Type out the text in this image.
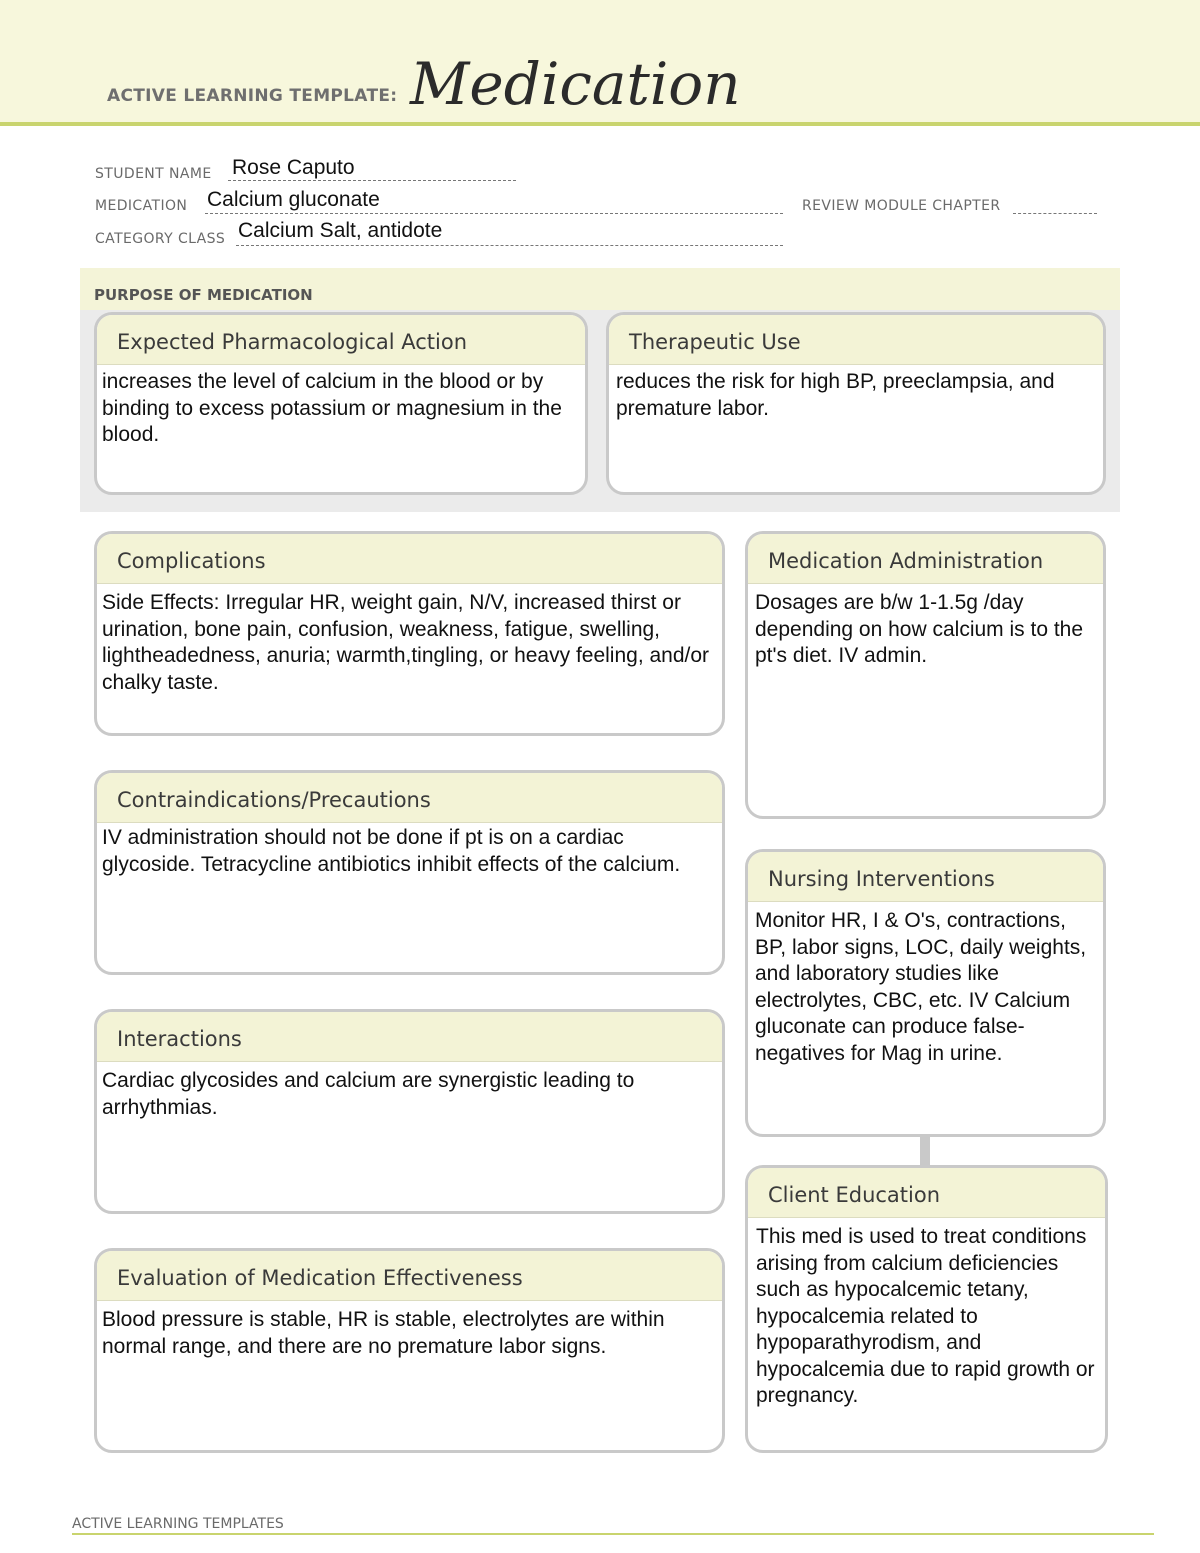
ACTIVE LEARNING TEMPLATE: Medication
STUDENT NAME Rose Caputo
MEDICATION Calcium gluconate	REVIEW MODULE CHAPTER
CATEGORY CLASS Calcium Salt, antidote
PURPOSE OF MEDICATION
Expected Pharmacological Action
increases the level of calcium in the blood or by binding to excess potassium or magnesium in the blood.
Therapeutic Use
reduces the risk for high BP, preeclampsia, and premature labor.
Complications
Side Effects: Irregular HR, weight gain, N/V, increased thirst or urination, bone pain, confusion, weakness, fatigue, swelling, lightheadedness, anuria; warmth,tingling, or heavy feeling, and/or chalky taste.
Contraindications/Precautions
IV administration should not be done if pt is on a cardiac glycoside. Tetracycline antibiotics inhibit effects of the calcium.
Interactions
Cardiac glycosides and calcium are synergistic leading to arrhythmias.
Evaluation of Medication Effectiveness
Blood pressure is stable, HR is stable, electrolytes are within normal range, and there are no premature labor signs.
Medication Administration
Dosages are b/w 1-1.5g /day depending on how calcium is to the pt's diet. IV admin.
Nursing Interventions
Monitor HR, I & O's, contractions, BP, labor signs, LOC, daily weights, and laboratory studies like electrolytes, CBC, etc. IV Calcium gluconate can produce false-negatives for Mag in urine.
Client Education
This med is used to treat conditions arising from calcium deficiencies such as hypocalcemic tetany, hypocalcemia related to hypoparathyrodism, and hypocalcemia due to rapid growth or pregnancy.
ACTIVE LEARNING TEMPLATES
